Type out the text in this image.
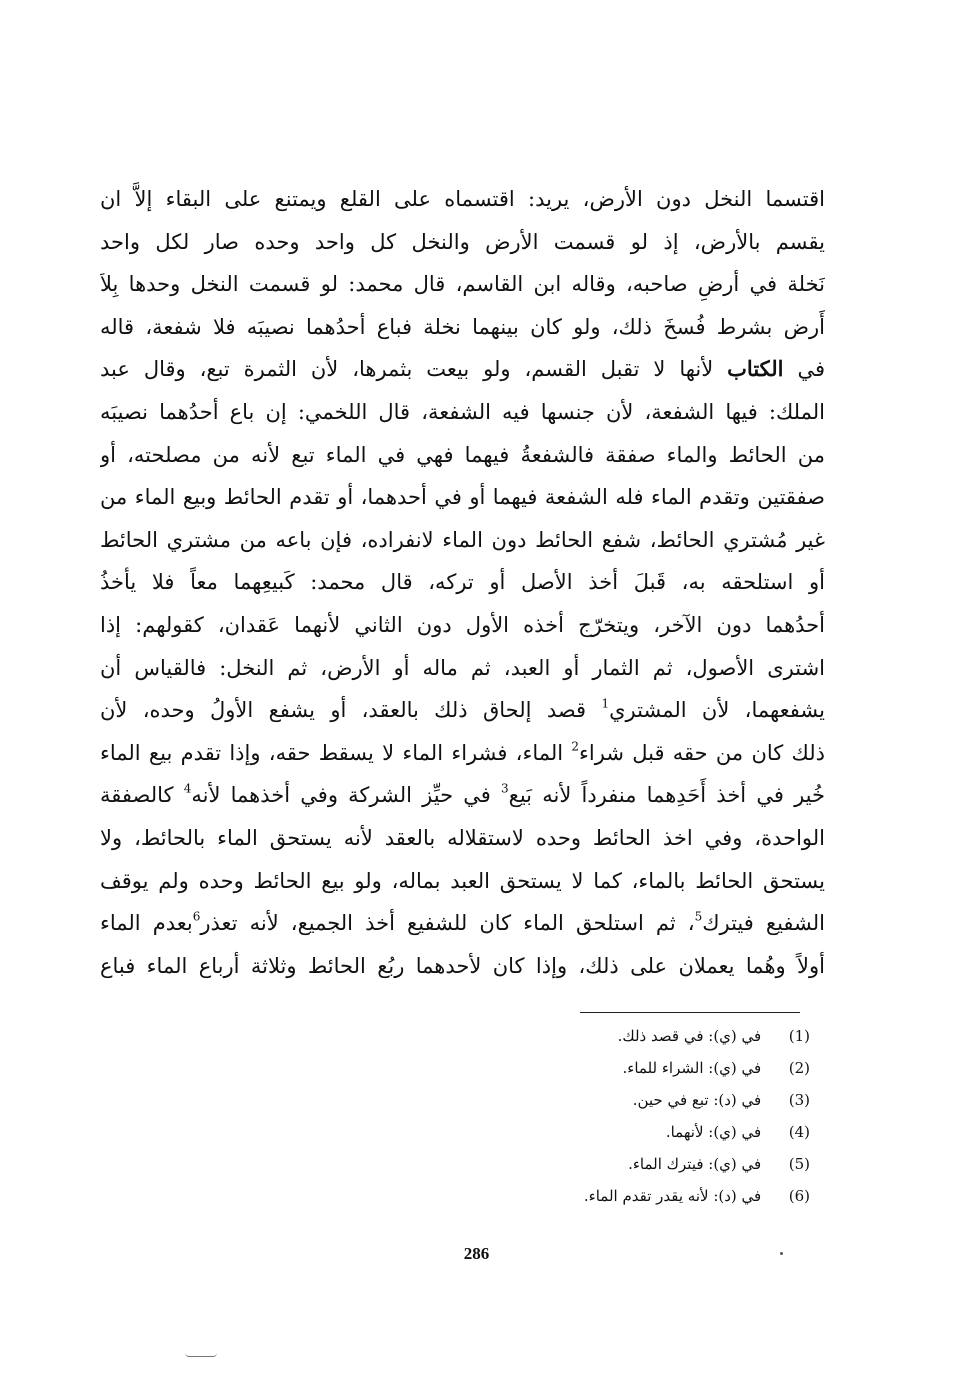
اقتسما النخل دون الأرض، يريد: اقتسماه على القلع ويمتنع على البقاء إلاَّ ان
يقسم بالأرض، إذ لو قسمت الأرض والنخل كل واحد وحده صار لكل واحد
نَخلة في أرضِ صاحبه، وقاله ابن القاسم، قال محمد: لو قسمت النخل وحدها بِلاَ
أَرض بشرط فُسخَ ذلك، ولو كان بينهما نخلة فباع أحدُهما نصيبَه فلا شفعة، قاله
في الكتاب لأنها لا تقبل القسم، ولو بيعت بثمرها، لأن الثمرة تبع، وقال عبد
الملك: فيها الشفعة، لأن جنسها فيه الشفعة، قال اللخمي: إن باع أحدُهما نصيبَه
من الحائط والماء صفقة فالشفعةُ فيهما فهي في الماء تبع لأنه من مصلحته، أو
صفقتين وتقدم الماء فله الشفعة فيهما أو في أحدهما، أو تقدم الحائط وبيع الماء من
غير مُشتري الحائط، شفع الحائط دون الماء لانفراده، فإن باعه من مشتري الحائط
أو استلحقه به، قَبلَ أخذ الأصل أو تركه، قال محمد: كَبيعِهما معاً فلا يأخذُ
أحدُهما دون الآخر، ويتخرّج أخذه الأول دون الثاني لأنهما عَقدان، كقولهم: إذا
اشترى الأصول، ثم الثمار أو العبد، ثم ماله أو الأرض، ثم النخل: فالقياس أن
يشفعهما، لأن المشتري$^1$ قصد إلحاق ذلك بالعقد، أو يشفع الأولُ وحده، لأن
ذلك كان من حقه قبل شراء$^2$ الماء، فشراء الماء لا يسقط حقه، وإذا تقدم بيع الماء
خُير في أخذ أَحَدِهما منفرداً لأنه بَيع$^3$ في حيِّز الشركة وفي أخذهما لأنه$^4$ كالصفقة
الواحدة، وفي اخذ الحائط وحده لاستقلاله بالعقد لأنه يستحق الماء بالحائط، ولا
يستحق الحائط بالماء، كما لا يستحق العبد بماله، ولو بيع الحائط وحده ولم يوقف
الشفيع فيترك$^5$، ثم استلحق الماء كان للشفيع أخذ الجميع، لأنه تعذر$^6$بعدم الماء
أولاً وهُما يعملان على ذلك، وإذا كان لأحدهما ربُع الحائط وثلاثة أرباع الماء فباع
(1) في (ي): في قصد ذلك.
(2) في (ي): الشراء للماء.
(3) في (د): تبع في حين.
(4) في (ي): لأنهما.
(5) في (ي): فيترك الماء.
(6) في (د): لأنه يقدر تقدم الماء.
286
